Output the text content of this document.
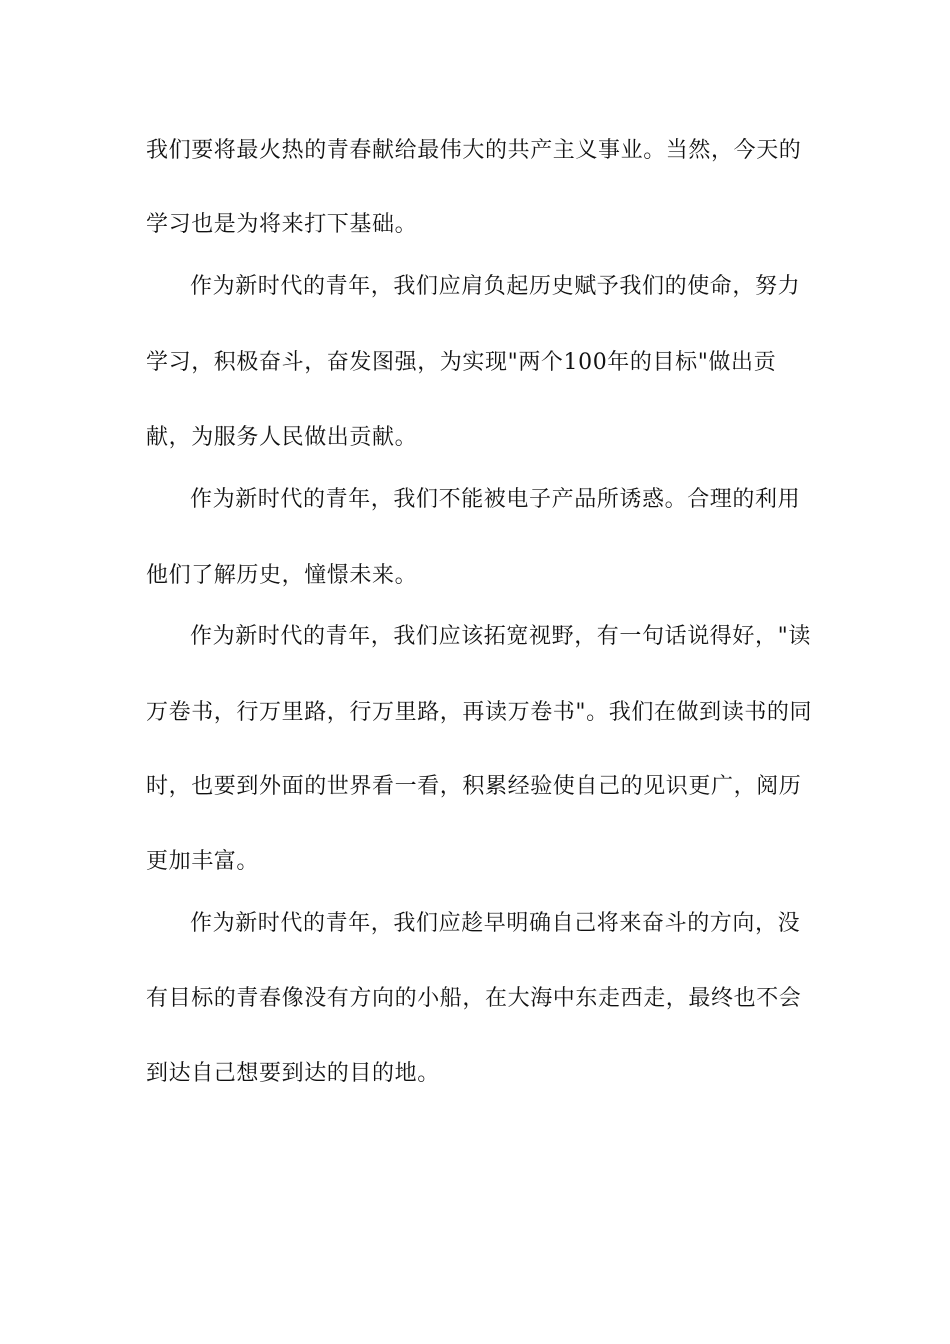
我们要将最火热的青春献给最伟大的共产主义事业。当然，今天的
学习也是为将来打下基础。
作为新时代的青年，我们应肩负起历史赋予我们的使命，努力
学习，积极奋斗，奋发图强，为实现"两个100年的目标"做出贡
献，为服务人民做出贡献。
作为新时代的青年，我们不能被电子产品所诱惑。合理的利用
他们了解历史，憧憬未来。
作为新时代的青年，我们应该拓宽视野，有一句话说得好，"读
万卷书，行万里路，行万里路，再读万卷书"。我们在做到读书的同
时，也要到外面的世界看一看，积累经验使自己的见识更广，阅历
更加丰富。
作为新时代的青年，我们应趁早明确自己将来奋斗的方向，没
有目标的青春像没有方向的小船，在大海中东走西走，最终也不会
到达自己想要到达的目的地。
